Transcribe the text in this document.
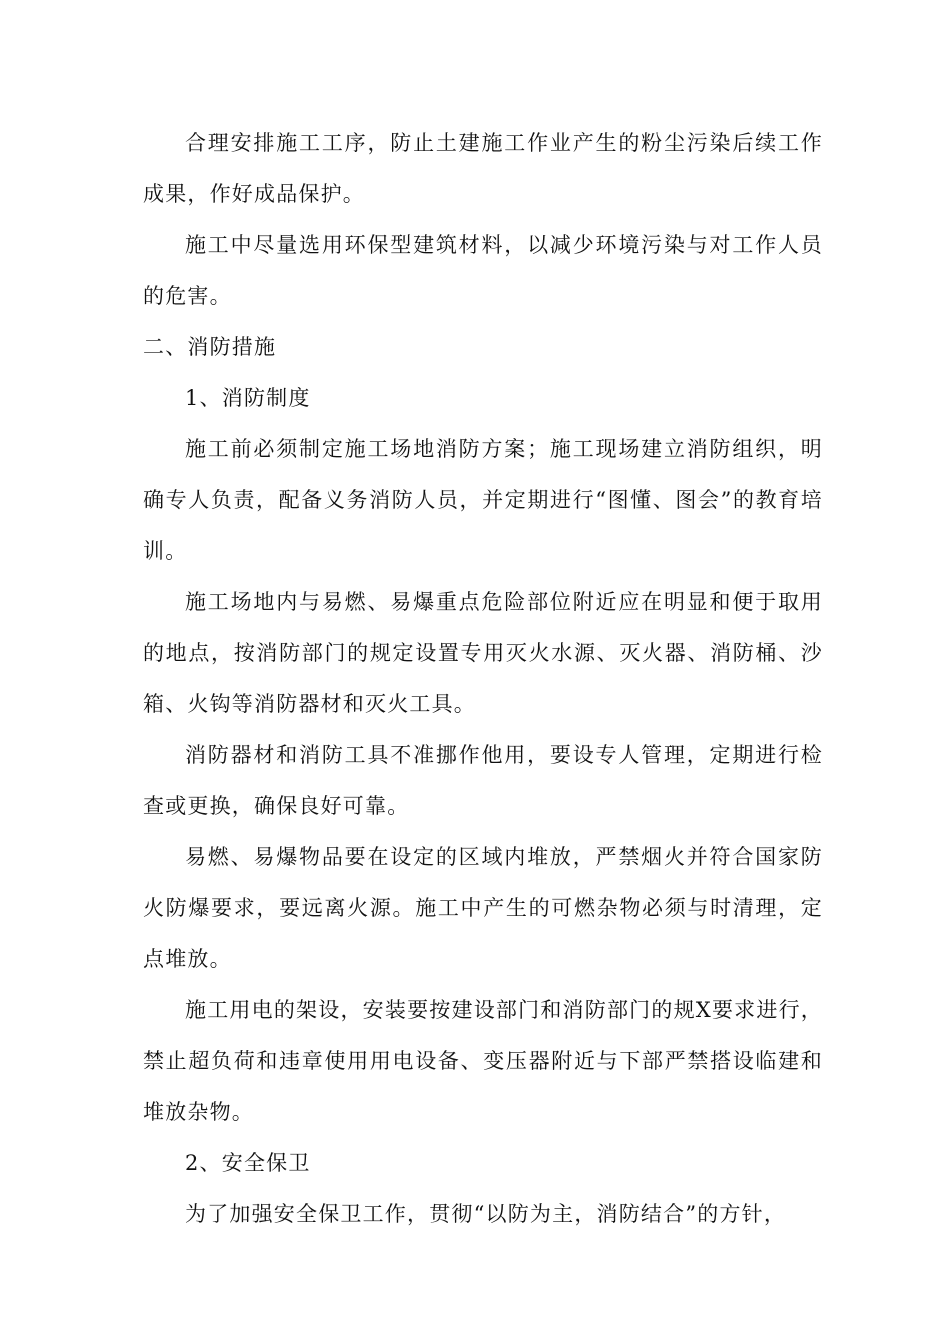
合理安排施工工序，防止土建施工作业产生的粉尘污染后续工作成果，作好成品保护。

施工中尽量选用环保型建筑材料，以减少环境污染与对工作人员的危害。

二、消防措施

1、消防制度

施工前必须制定施工场地消防方案；施工现场建立消防组织，明确专人负责，配备义务消防人员，并定期进行“图懂、图会”的教育培训。

施工场地内与易燃、易爆重点危险部位附近应在明显和便于取用的地点，按消防部门的规定设置专用灭火水源、灭火器、消防桶、沙箱、火钩等消防器材和灭火工具。

消防器材和消防工具不准挪作他用，要设专人管理，定期进行检查或更换，确保良好可靠。

易燃、易爆物品要在设定的区域内堆放，严禁烟火并符合国家防火防爆要求，要远离火源。施工中产生的可燃杂物必须与时清理，定点堆放。

施工用电的架设，安装要按建设部门和消防部门的规X要求进行，禁止超负荷和违章使用用电设备、变压器附近与下部严禁搭设临建和堆放杂物。

2、安全保卫

为了加强安全保卫工作，贯彻“以防为主，消防结合”的方针，
